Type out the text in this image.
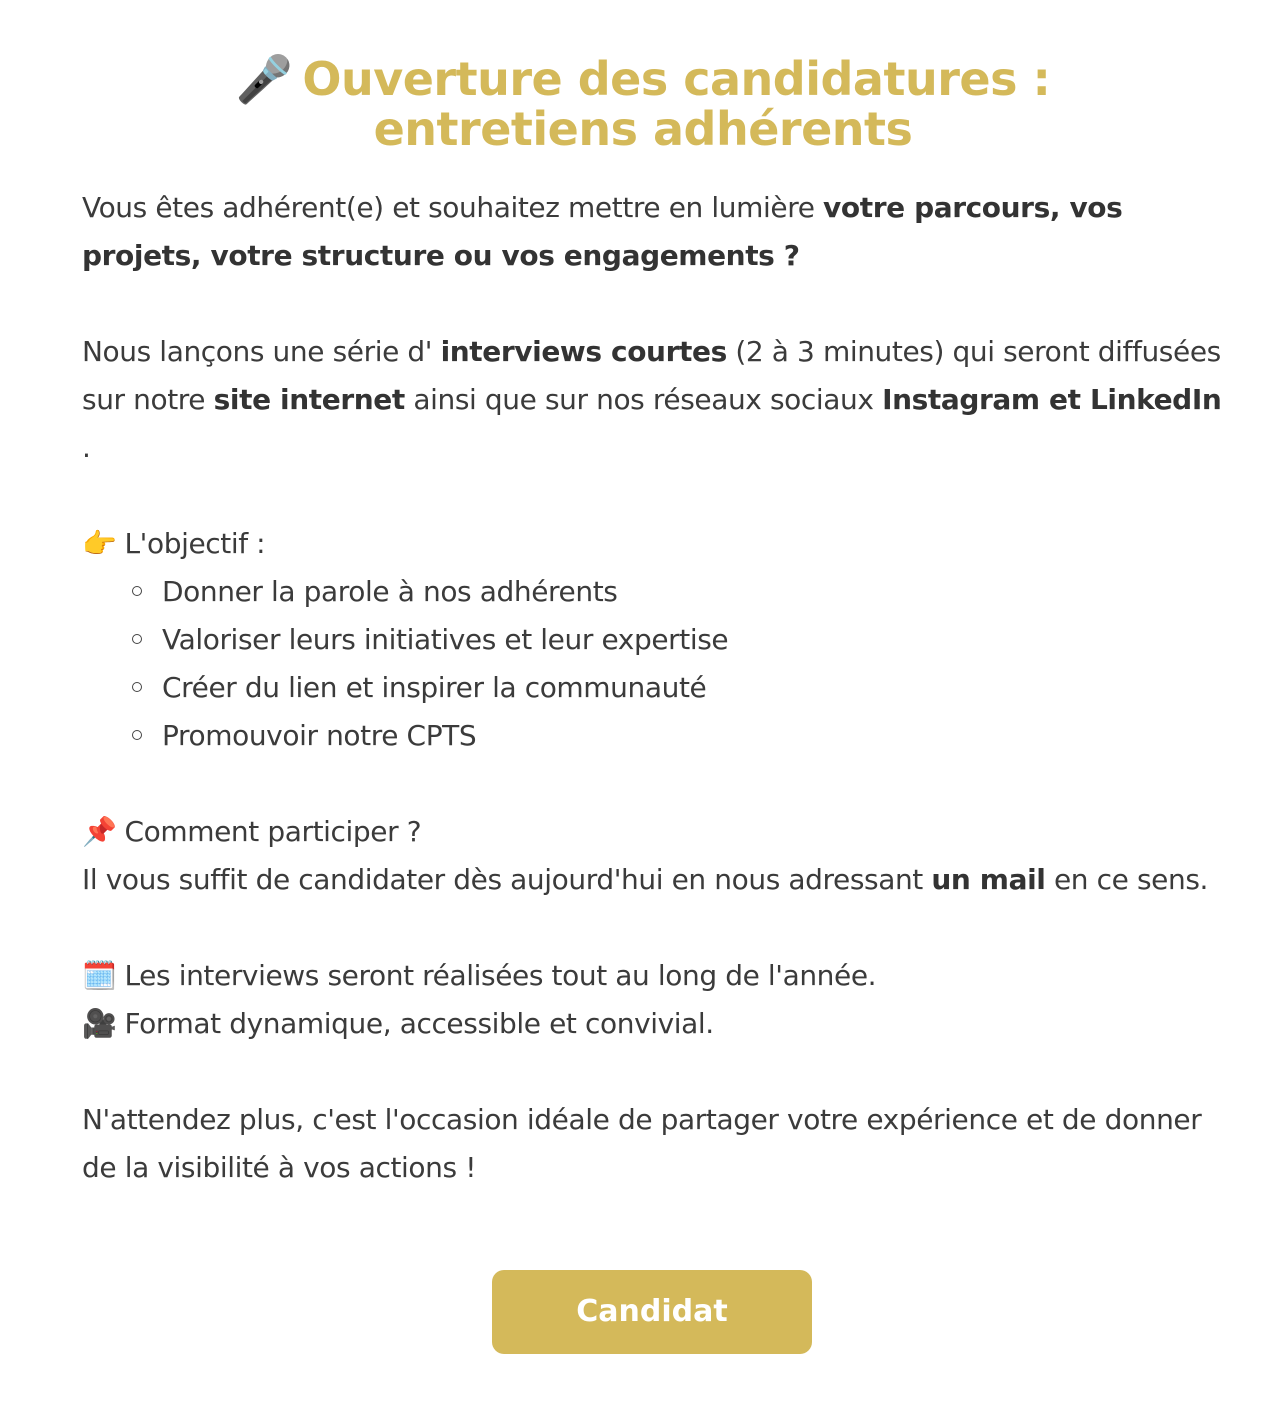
🎤 Ouverture des candidatures :
entretiens adhérents

Vous êtes adhérent(e) et souhaitez mettre en lumière votre parcours, vos projets, votre structure ou vos engagements ?

Nous lançons une série d' interviews courtes (2 à 3 minutes) qui seront diffusées sur notre site internet ainsi que sur nos réseaux sociaux Instagram et LinkedIn .

👉 L'objectif :

Donner la parole à nos adhérents
Valoriser leurs initiatives et leur expertise
Créer du lien et inspirer la communauté
Promouvoir notre CPTS

📌 Comment participer ?

Il vous suffit de candidater dès aujourd'hui en nous adressant un mail en ce sens.

🗓️ Les interviews seront réalisées tout au long de l'année.

🎥 Format dynamique, accessible et convivial.

N'attendez plus, c'est l'occasion idéale de partager votre expérience et de donner de la visibilité à vos actions !

Candidat
